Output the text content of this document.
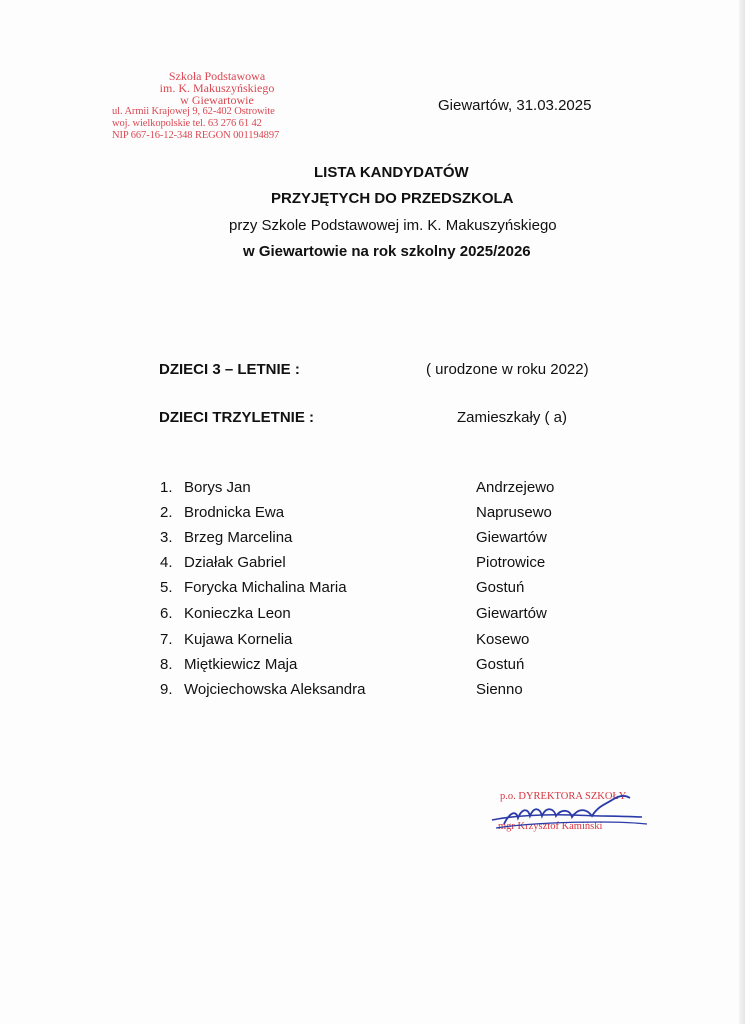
Szkoła Podstawowa
im. K. Makuszyńskiego
w Giewartowie
ul. Armii Krajowej 9, 62-402 Ostrowite
woj. wielkopolskie tel. 63 276 61 42
NIP 667-16-12-348 REGON 001194897
Giewartów, 31.03.2025
LISTA KANDYDATÓW
PRZYJĘTYCH DO PRZEDSZKOLA
przy Szkole Podstawowej im. K. Makuszyńskiego
w Giewartowie na rok szkolny 2025/2026
DZIECI 3 – LETNIE :	( urodzone w roku 2022)
DZIECI TRZYLETNIE :	Zamieszkały ( a)
1. Borys Jan	Andrzejewo
2. Brodnicka Ewa	Naprusewo
3. Brzeg Marcelina	Giewartów
4. Działak Gabriel	Piotrowice
5. Forycka Michalina Maria	Gostuń
6. Konieczka Leon	Giewartów
7. Kujawa Kornelia	Kosewo
8. Miętkiewicz Maja	Gostuń
9. Wojciechowska Aleksandra	Sienno
p.o. DYREKTORA SZKOŁY
mgr Krzysztof Kamiński
